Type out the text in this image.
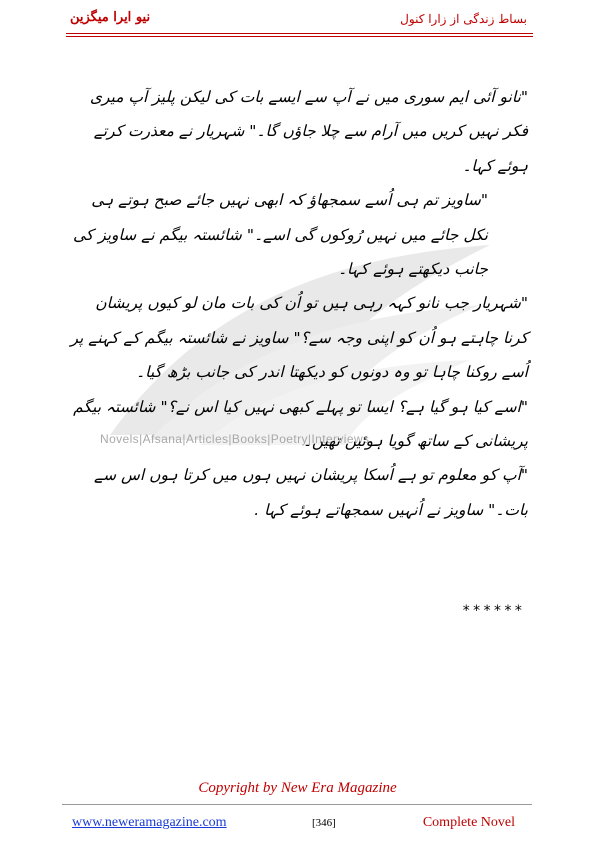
نیو ایرا میگزین	بساط زندگی از زارا کنول
Novels|Afsana|Articles|Books|Poetry|Interviews

"نانو آئی ایم سوری میں نے آپ سے ایسے بات کی لیکن پلیز آپ میری فکر نہیں کریں میں آرام سے چلا جاؤں گا۔" شہریار نے معذرت کرتے ہوئے کہا۔

"ساویز تم ہی اُسے سمجھاؤ کہ ابھی نہیں جائے صبح ہوتے ہی نکل جائے میں نہیں رُوکوں گی اسے۔" شائستہ بیگم نے ساویز کی جانب دیکھتے ہوئے کہا۔

"شہریار جب نانو کہہ رہی ہیں تو اُن کی بات مان لو کیوں پریشان کرنا چاہتے ہو اُن کو اپنی وجہ سے؟" ساویز نے شائستہ بیگم کے کہنے پر اُسے روکنا چاہا تو وہ دونوں کو دیکھتا اندر کی جانب بڑھ گیا۔

"اسے کیا ہو گیا ہے؟ ایسا تو پہلے کبھی نہیں کیا اس نے؟" شائستہ بیگم پریشانی کے ساتھ گویا ہوئیں تھیں۔

"آپ کو معلوم تو ہے اُسکا پریشان نہیں ہوں میں کرتا ہوں اس سے بات۔" ساویز نے اُنہیں سمجھاتے ہوئے کہا .

******
Copyright by New Era Magazine
www.neweramagazine.com	[346]	Complete Novel
